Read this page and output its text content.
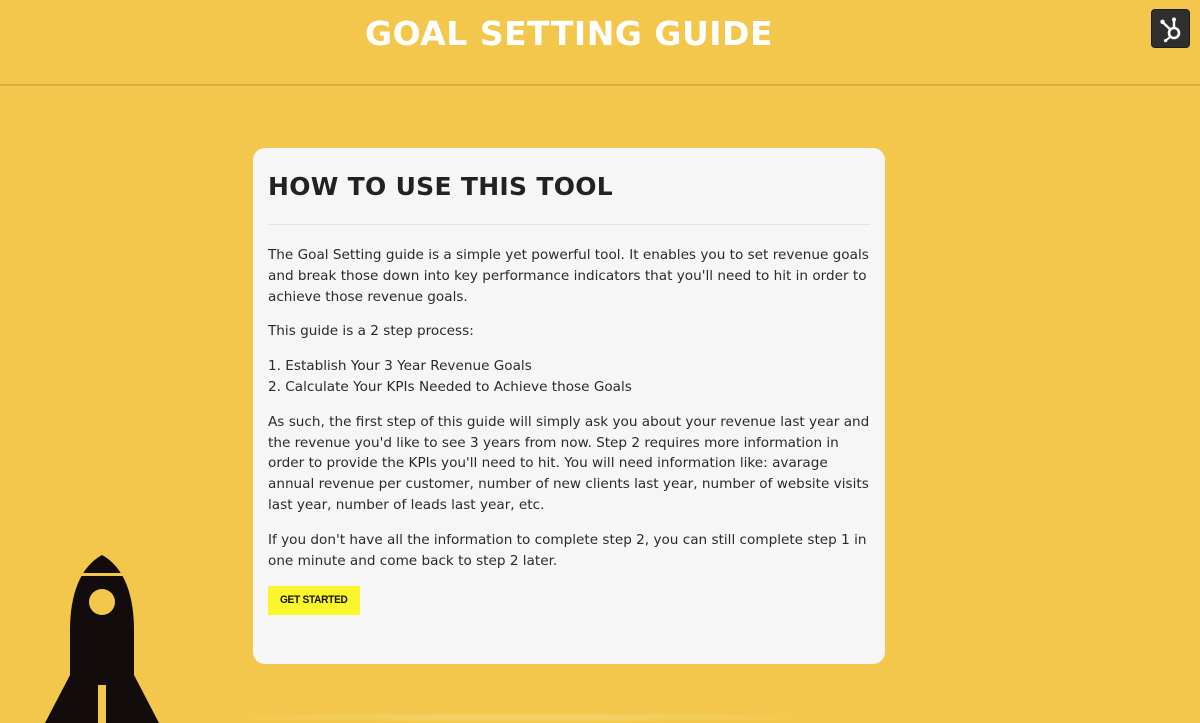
GOAL SETTING GUIDE
HOW TO USE THIS TOOL

The Goal Setting guide is a simple yet powerful tool. It enables you to set revenue goals and break those down into key performance indicators that you'll need to hit in order to achieve those revenue goals.

This guide is a 2 step process:

1. Establish Your 3 Year Revenue Goals
2. Calculate Your KPIs Needed to Achieve those Goals

As such, the first step of this guide will simply ask you about your revenue last year and the revenue you'd like to see 3 years from now. Step 2 requires more information in order to provide the KPIs you'll need to hit. You will need information like: avarage annual revenue per customer, number of new clients last year, number of website visits last year, number of leads last year, etc.

If you don't have all the information to complete step 2, you can still complete step 1 in one minute and come back to step 2 later.

GET STARTED
